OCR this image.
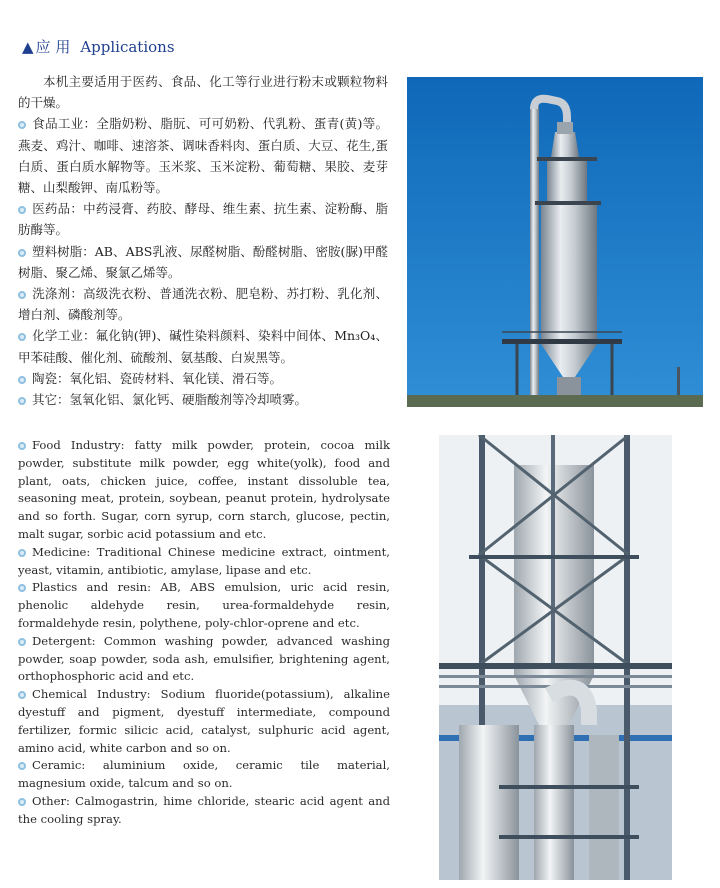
▲ 应 用 Applications

本机主要适用于医药、食品、化工等行业进行粉末或颗粒物料的干燥。

食品工业：全脂奶粉、脂朊、可可奶粉、代乳粉、蛋青(黄)等。燕麦、鸡汁、咖啡、速溶茶、调味香料肉、蛋白质、大豆、花生,蛋白质、蛋白质水解物等。玉米浆、玉米淀粉、葡萄糖、果胶、麦芽糖、山梨酸钾、南瓜粉等。

医药品：中药浸膏、药胶、酵母、维生素、抗生素、淀粉酶、脂肪酶等。

塑料树脂：AB、ABS乳液、尿醛树脂、酚醛树脂、密胺(脲)甲醛树脂、聚乙烯、聚氯乙烯等。

洗涤剂：高级洗衣粉、普通洗衣粉、肥皂粉、苏打粉、乳化剂、增白剂、磷酸剂等。

化学工业：氟化钠(钾)、碱性染料颜料、染料中间体、Mn₃O₄、甲苯硅酸、催化剂、硫酸剂、氨基酸、白炭黑等。

陶瓷：氧化铝、瓷砖材料、氧化镁、滑石等。

其它：氢氧化铝、氯化钙、硬脂酸剂等冷却喷雾。

Food Industry: fatty milk powder, protein, cocoa milk powder, substitute milk powder, egg white(yolk), food and plant, oats, chicken juice, coffee, instant dissoluble tea, seasoning meat, protein, soybean, peanut protein, hydrolysate and so forth. Sugar, corn syrup, corn starch, glucose, pectin, malt sugar, sorbic acid potassium and etc.

Medicine: Traditional Chinese medicine extract, ointment, yeast, vitamin, antibiotic, amylase, lipase and etc.

Plastics and resin: AB, ABS emulsion, uric acid resin, phenolic aldehyde resin, urea-formaldehyde resin, formaldehyde resin, polythene, poly-chlor-oprene and etc.

Detergent: Common washing powder, advanced washing powder, soap powder, soda ash, emulsifier, brightening agent, orthophosphoric acid and etc.

Chemical Industry: Sodium fluoride(potassium), alkaline dyestuff and pigment, dyestuff intermediate, compound fertilizer, formic silicic acid, catalyst, sulphuric acid agent, amino acid, white carbon and so on.

Ceramic: aluminium oxide, ceramic tile material, magnesium oxide, talcum and so on.

Other: Calmogastrin, hime chloride, stearic acid agent and the cooling spray.
